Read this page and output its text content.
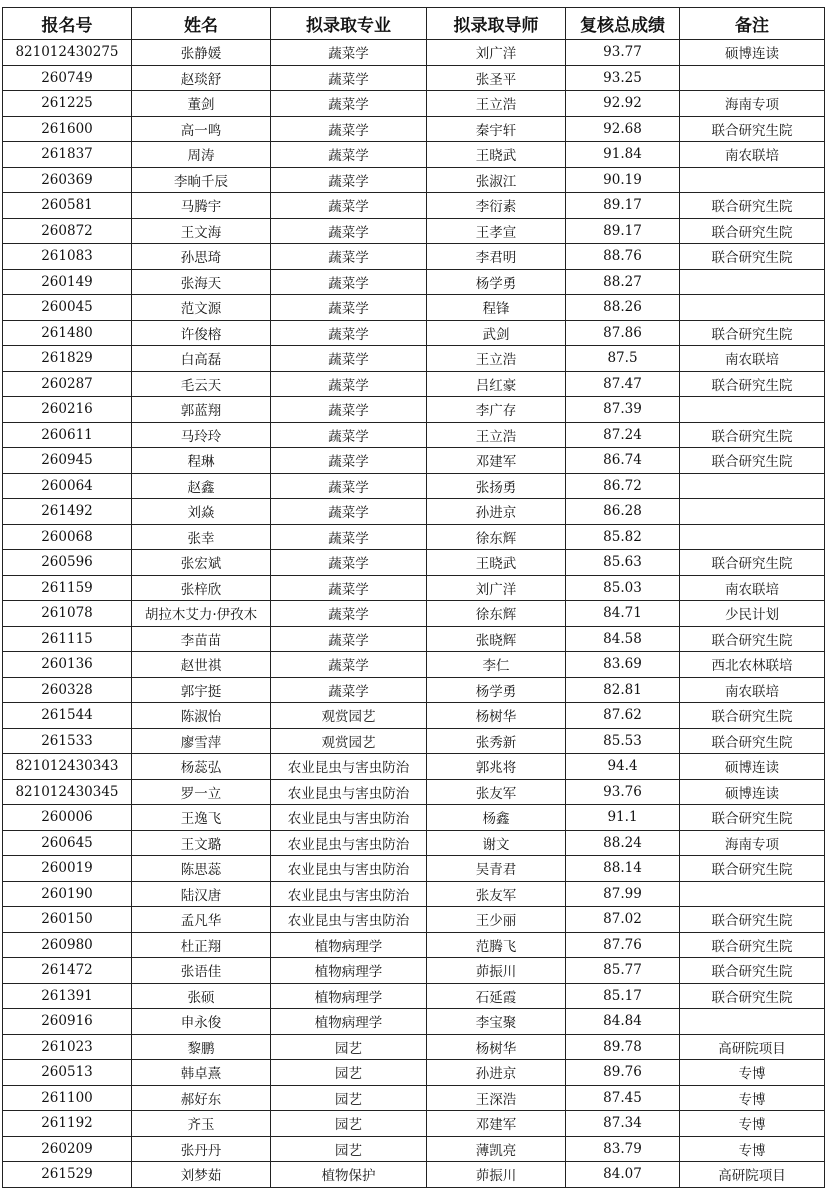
报名号	姓名	拟录取专业	拟录取导师	复核总成绩	备注
821012430275	张静媛	蔬菜学	刘广洋	93.77	硕博连读
260749	赵琰舒	蔬菜学	张圣平	93.25	
261225	董剑	蔬菜学	王立浩	92.92	海南专项
261600	高一鸣	蔬菜学	秦宇轩	92.68	联合研究生院
261837	周涛	蔬菜学	王晓武	91.84	南农联培
260369	李晌千辰	蔬菜学	张淑江	90.19	
260581	马腾宇	蔬菜学	李衍素	89.17	联合研究生院
260872	王文海	蔬菜学	王孝宣	89.17	联合研究生院
261083	孙思琦	蔬菜学	李君明	88.76	联合研究生院
260149	张海天	蔬菜学	杨学勇	88.27	
260045	范文源	蔬菜学	程锋	88.26	
261480	许俊榕	蔬菜学	武剑	87.86	联合研究生院
261829	白高磊	蔬菜学	王立浩	87.5	南农联培
260287	毛云天	蔬菜学	吕红豪	87.47	联合研究生院
260216	郭蓝翔	蔬菜学	李广存	87.39	
260611	马玲玲	蔬菜学	王立浩	87.24	联合研究生院
260945	程琳	蔬菜学	邓建军	86.74	联合研究生院
260064	赵鑫	蔬菜学	张扬勇	86.72	
261492	刘焱	蔬菜学	孙进京	86.28	
260068	张幸	蔬菜学	徐东辉	85.82	
260596	张宏斌	蔬菜学	王晓武	85.63	联合研究生院
261159	张梓欣	蔬菜学	刘广洋	85.03	南农联培
261078	胡拉木艾力·伊孜木	蔬菜学	徐东辉	84.71	少民计划
261115	李苗苗	蔬菜学	张晓辉	84.58	联合研究生院
260136	赵世祺	蔬菜学	李仁	83.69	西北农林联培
260328	郭宇挺	蔬菜学	杨学勇	82.81	南农联培
261544	陈淑怡	观赏园艺	杨树华	87.62	联合研究生院
261533	廖雪萍	观赏园艺	张秀新	85.53	联合研究生院
821012430343	杨蕊弘	农业昆虫与害虫防治	郭兆将	94.4	硕博连读
821012430345	罗一立	农业昆虫与害虫防治	张友军	93.76	硕博连读
260006	王逸飞	农业昆虫与害虫防治	杨鑫	91.1	联合研究生院
260645	王文璐	农业昆虫与害虫防治	谢文	88.24	海南专项
260019	陈思蕊	农业昆虫与害虫防治	吴青君	88.14	联合研究生院
260190	陆汉唐	农业昆虫与害虫防治	张友军	87.99	
260150	孟凡华	农业昆虫与害虫防治	王少丽	87.02	联合研究生院
260980	杜正翔	植物病理学	范腾飞	87.76	联合研究生院
261472	张语佳	植物病理学	茆振川	85.77	联合研究生院
261391	张硕	植物病理学	石延霞	85.17	联合研究生院
260916	申永俊	植物病理学	李宝聚	84.84	
261023	黎鹏	园艺	杨树华	89.78	高研院项目
260513	韩卓熹	园艺	孙进京	89.76	专博
261100	郝好东	园艺	王深浩	87.45	专博
261192	齐玉	园艺	邓建军	87.34	专博
260209	张丹丹	园艺	薄凯亮	83.79	专博
261529	刘梦茹	植物保护	茆振川	84.07	高研院项目
